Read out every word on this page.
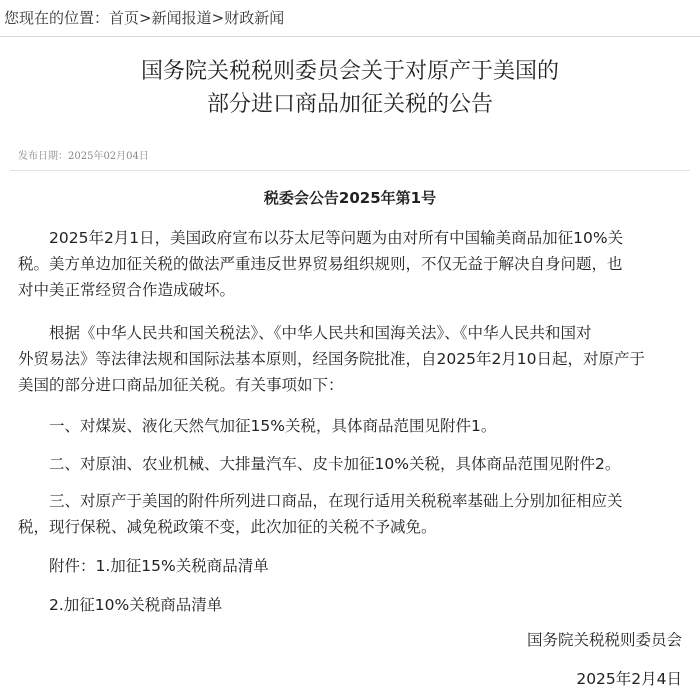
您现在的位置：首页>新闻报道>财政新闻
国务院关税税则委员会关于对原产于美国的
部分进口商品加征关税的公告
发布日期：2025年02月04日
税委会公告2025年第1号
　　2025年2月1日，美国政府宣布以芬太尼等问题为由对所有中国输美商品加征10%关
税。美方单边加征关税的做法严重违反世界贸易组织规则，不仅无益于解决自身问题，也
对中美正常经贸合作造成破坏。
　　根据《中华人民共和国关税法》、《中华人民共和国海关法》、《中华人民共和国对
外贸易法》等法律法规和国际法基本原则，经国务院批准，自2025年2月10日起，对原产于
美国的部分进口商品加征关税。有关事项如下：
　　一、对煤炭、液化天然气加征15%关税，具体商品范围见附件1。
　　二、对原油、农业机械、大排量汽车、皮卡加征10%关税，具体商品范围见附件2。
　　三、对原产于美国的附件所列进口商品，在现行适用关税税率基础上分别加征相应关
税，现行保税、减免税政策不变，此次加征的关税不予减免。
　　附件：1.加征15%关税商品清单
　　2.加征10%关税商品清单
国务院关税税则委员会
2025年2月4日
